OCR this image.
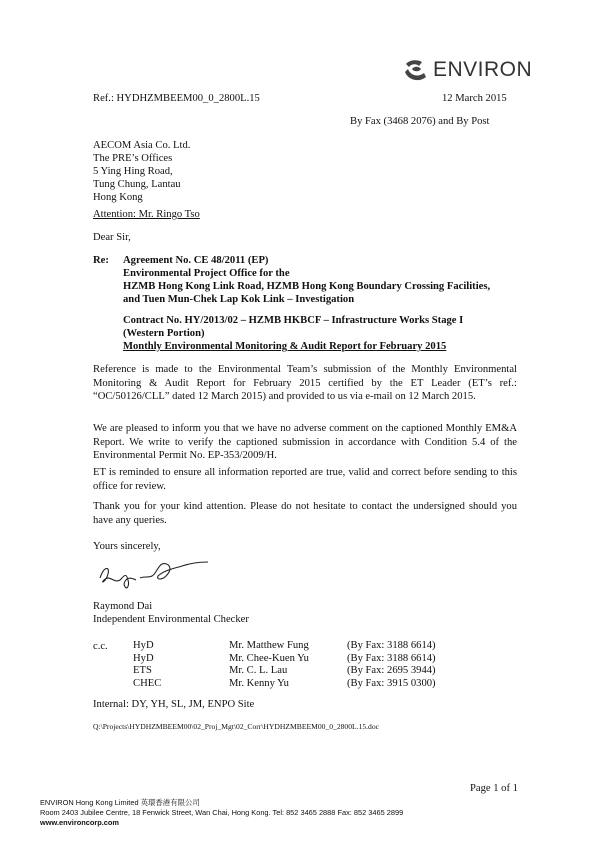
ENVIRON
Ref.: HYDHZMBEEM00_0_2800L.15	12 March 2015
By Fax (3468 2076) and By Post
AECOM Asia Co. Ltd.
The PRE’s Offices
5 Ying Hing Road,
Tung Chung, Lantau
Hong Kong
Attention: Mr. Ringo Tso
Dear Sir,
Re: Agreement No. CE 48/2011 (EP)
Environmental Project Office for the
HZMB Hong Kong Link Road, HZMB Hong Kong Boundary Crossing Facilities,
and Tuen Mun-Chek Lap Kok Link – Investigation
Contract No. HY/2013/02 – HZMB HKBCF – Infrastructure Works Stage I
(Western Portion)
Monthly Environmental Monitoring & Audit Report for February 2015
Reference is made to the Environmental Team’s submission of the Monthly Environmental Monitoring & Audit Report for February 2015 certified by the ET Leader (ET’s ref.: “OC/50126/CLL” dated 12 March 2015) and provided to us via e-mail on 12 March 2015.
We are pleased to inform you that we have no adverse comment on the captioned Monthly EM&A Report. We write to verify the captioned submission in accordance with Condition 5.4 of the Environmental Permit No. EP-353/2009/H.
ET is reminded to ensure all information reported are true, valid and correct before sending to this office for review.
Thank you for your kind attention. Please do not hesitate to contact the undersigned should you have any queries.
Yours sincerely,
Raymond Dai
Independent Environmental Checker
c.c. HyD	Mr. Matthew Fung	(By Fax: 3188 6614)
HyD	Mr. Chee-Kuen Yu	(By Fax: 3188 6614)
ETS	Mr. C. L. Lau	(By Fax: 2695 3944)
CHEC	Mr. Kenny Yu	(By Fax: 3915 0300)
Internal: DY, YH, SL, JM, ENPO Site
Q:\Projects\HYDHZMBEEM00\02_Proj_Mgt\02_Corr\HYDHZMBEEM00_0_2800L.15.doc
Page 1 of 1
ENVIRON Hong Kong Limited 英環香港有限公司
Room 2403 Jubilee Centre, 18 Fenwick Street, Wan Chai, Hong Kong. Tel: 852 3465 2888 Fax: 852 3465 2899
www.environcorp.com
